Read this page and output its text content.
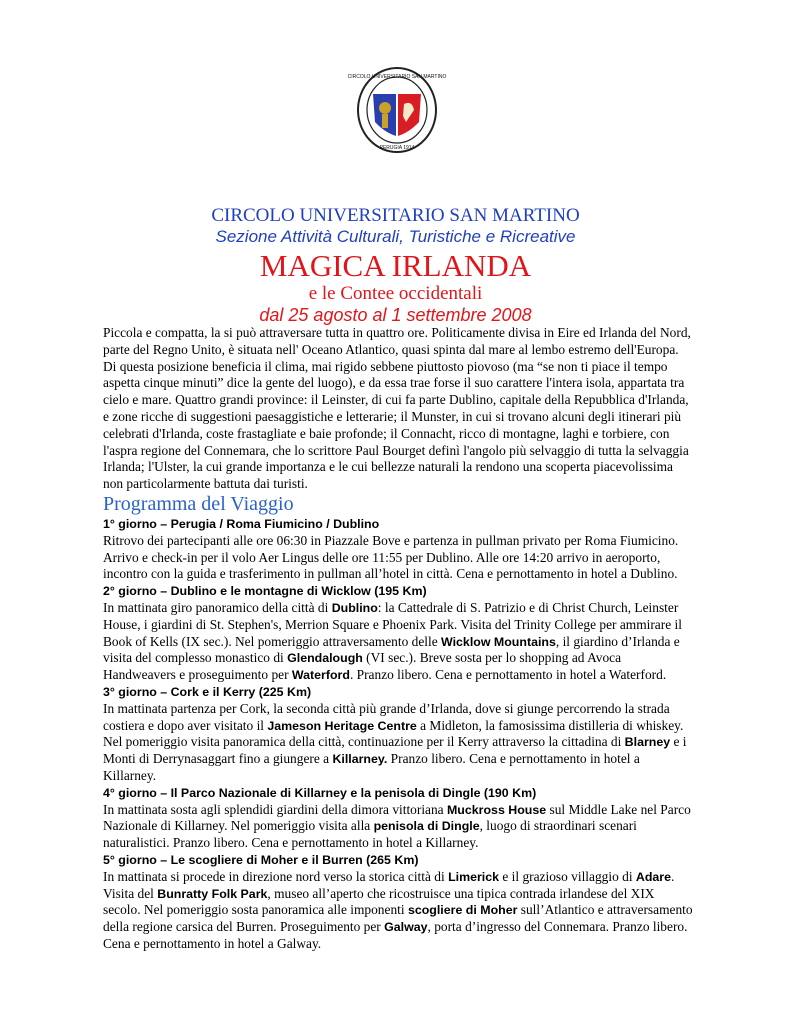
CIRCOLO UNIVERSITARIO SAN MARTINO
PERUGIA 1914

CIRCOLO UNIVERSITARIO SAN MARTINO

Sezione Attività Culturali, Turistiche e Ricreative

MAGICA IRLANDA

e le Contee occidentali

dal 25 agosto al 1 settembre 2008

Piccola e compatta, la si può attraversare tutta in quattro ore. Politicamente divisa in Eire ed Irlanda del Nord, parte del Regno Unito, è situata nell' Oceano Atlantico, quasi spinta dal mare al lembo estremo dell'Europa. Di questa posizione beneficia il clima, mai rigido sebbene piuttosto piovoso (ma “se non ti piace il tempo aspetta cinque minuti” dice la gente del luogo), e da essa trae forse il suo carattere l'intera isola, appartata tra cielo e mare. Quattro grandi province: il Leinster, di cui fa parte Dublino, capitale della Repubblica d'Irlanda, e zone ricche di suggestioni paesaggistiche e letterarie; il Munster, in cui si trovano alcuni degli itinerari più celebrati d'Irlanda, coste frastagliate e baie profonde; il Connacht, ricco di montagne, laghi e torbiere, con l'aspra regione del Connemara, che lo scrittore Paul Bourget definì l'angolo più selvaggio di tutta la selvaggia Irlanda; l'Ulster, la cui grande importanza e le cui bellezze naturali la rendono una scoperta piacevolissima non particolarmente battuta dai turisti.

Programma del Viaggio

1° giorno – Perugia / Roma Fiumicino / Dublino

Ritrovo dei partecipanti alle ore 06:30 in Piazzale Bove e partenza in pullman privato per Roma Fiumicino. Arrivo e check-in per il volo Aer Lingus delle ore 11:55 per Dublino. Alle ore 14:20 arrivo in aeroporto, incontro con la guida e trasferimento in pullman all’hotel in città. Cena e pernottamento in hotel a Dublino.

2° giorno – Dublino e le montagne di Wicklow (195 Km)

In mattinata giro panoramico della città di Dublino: la Cattedrale di S. Patrizio e di Christ Church, Leinster House, i giardini di St. Stephen's, Merrion Square e Phoenix Park. Visita del Trinity College per ammirare il Book of Kells (IX sec.). Nel pomeriggio attraversamento delle Wicklow Mountains, il giardino d’Irlanda e visita del complesso monastico di Glendalough (VI sec.). Breve sosta per lo shopping ad Avoca Handweavers e proseguimento per Waterford. Pranzo libero. Cena e pernottamento in hotel a Waterford.

3° giorno – Cork e il Kerry (225 Km)

In mattinata partenza per Cork, la seconda città più grande d’Irlanda, dove si giunge percorrendo la strada costiera e dopo aver visitato il Jameson Heritage Centre a Midleton, la famosissima distilleria di whiskey. Nel pomeriggio visita panoramica della città, continuazione per il Kerry attraverso la cittadina di Blarney e i Monti di Derrynasaggart fino a giungere a Killarney. Pranzo libero. Cena e pernottamento in hotel a Killarney.

4° giorno – Il Parco Nazionale di Killarney e la penisola di Dingle (190 Km)

In mattinata sosta agli splendidi giardini della dimora vittoriana Muckross House sul Middle Lake nel Parco Nazionale di Killarney. Nel pomeriggio visita alla penisola di Dingle, luogo di straordinari scenari naturalistici. Pranzo libero. Cena e pernottamento in hotel a Killarney.

5° giorno – Le scogliere di Moher e il Burren (265 Km)

In mattinata si procede in direzione nord verso la storica città di Limerick e il grazioso villaggio di Adare. Visita del Bunratty Folk Park, museo all’aperto che ricostruisce una tipica contrada irlandese del XIX secolo. Nel pomeriggio sosta panoramica alle imponenti scogliere di Moher sull’Atlantico e attraversamento della regione carsica del Burren. Proseguimento per Galway, porta d’ingresso del Connemara. Pranzo libero. Cena e pernottamento in hotel a Galway.
